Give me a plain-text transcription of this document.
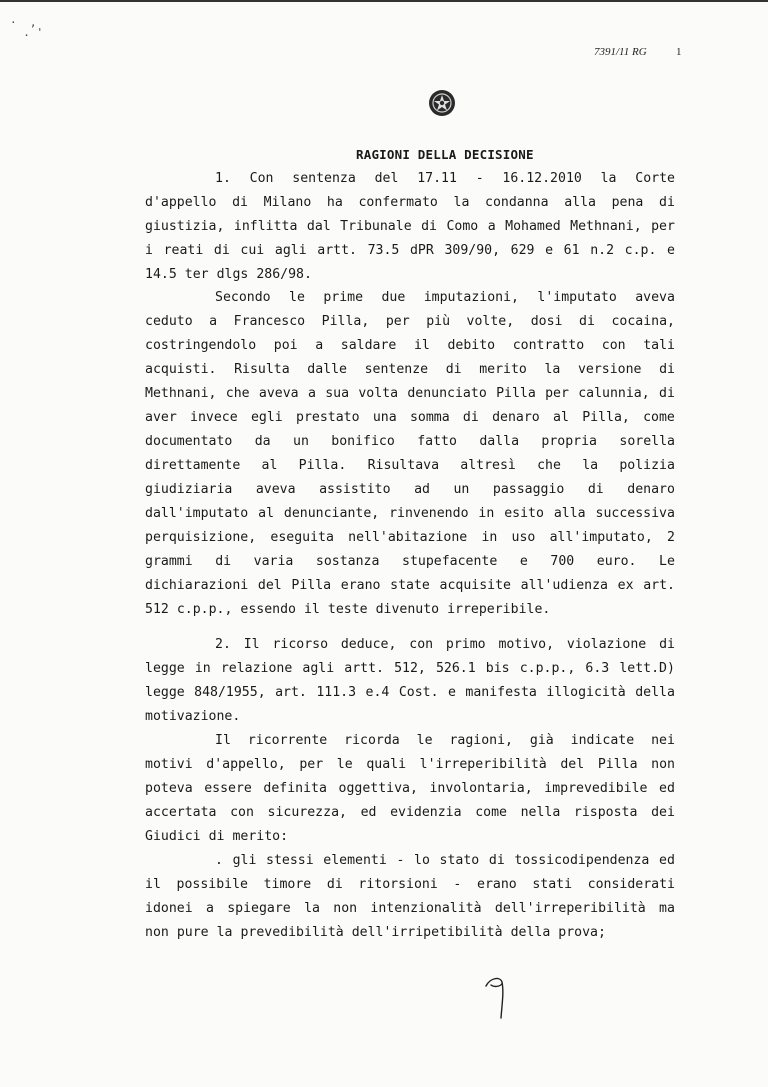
·  ,
. '
7391/11 RG	1
RAGIONI DELLA DECISIONE
1. Con sentenza del 17.11 - 16.12.2010 la Corte
d'appello di Milano ha confermato la condanna alla pena di
giustizia, inflitta dal Tribunale di Como a Mohamed Methnani, per
i reati di cui agli artt. 73.5 dPR 309/90, 629 e 61 n.2 c.p. e
14.5 ter dlgs 286/98.
Secondo le prime due imputazioni, l'imputato aveva
ceduto a Francesco Pilla, per più volte, dosi di cocaina,
costringendolo poi a saldare il debito contratto con tali
acquisti. Risulta dalle sentenze di merito la versione di
Methnani, che aveva a sua volta denunciato Pilla per calunnia, di
aver invece egli prestato una somma di denaro al Pilla, come
documentato da un bonifico fatto dalla propria sorella
direttamente al Pilla. Risultava altresì che la polizia
giudiziaria aveva assistito ad un passaggio di denaro
dall'imputato al denunciante, rinvenendo in esito alla successiva
perquisizione, eseguita nell'abitazione in uso all'imputato, 2
grammi di varia sostanza stupefacente e 700 euro. Le
dichiarazioni del Pilla erano state acquisite all'udienza ex art.
512 c.p.p., essendo il teste divenuto irreperibile.
2. Il ricorso deduce, con primo motivo, violazione di
legge in relazione agli artt. 512, 526.1 bis c.p.p., 6.3 lett.D)
legge 848/1955, art. 111.3 e.4 Cost. e manifesta illogicità della
motivazione.
Il ricorrente ricorda le ragioni, già indicate nei
motivi d'appello, per le quali l'irreperibilità del Pilla non
poteva essere definita oggettiva, involontaria, imprevedibile ed
accertata con sicurezza, ed evidenzia come nella risposta dei
Giudici di merito:
. gli stessi elementi - lo stato di tossicodipendenza ed
il possibile timore di ritorsioni - erano stati considerati
idonei a spiegare la non intenzionalità dell'irreperibilità ma
non pure la prevedibilità dell'irripetibilità della prova;
